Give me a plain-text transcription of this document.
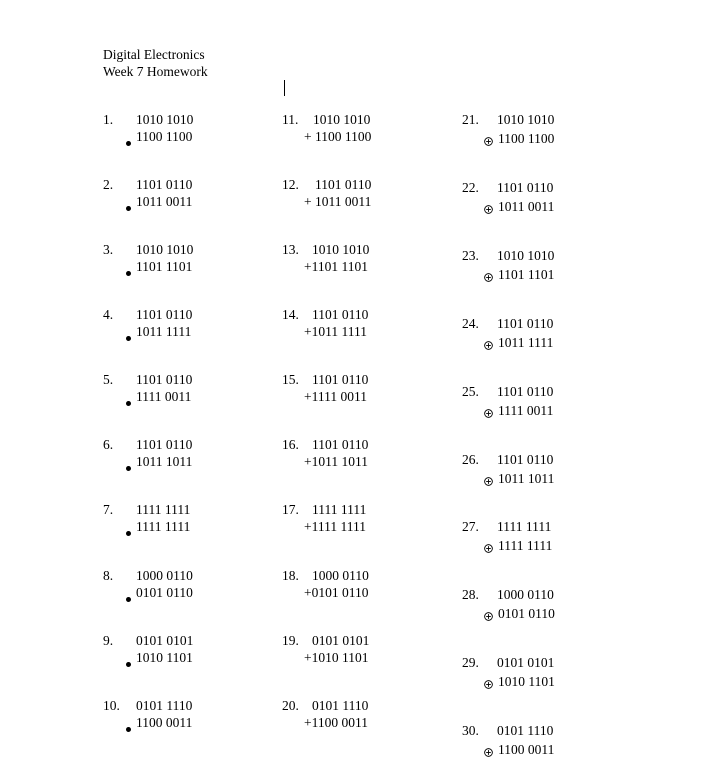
Digital Electronics
Week 7 Homework
1. 1010 1010
1100 1100
2. 1101 0110
1011 0011
3. 1010 1010
1101 1101
4. 1101 0110
1011 1111
5. 1101 0110
1111 0011
6. 1101 0110
1011 1011
7. 1111 1111
1111 1111
8. 1000 0110
0101 0110
9. 0101 0101
1010 1101
10. 0101 1110
1100 0011
11. 1010 1010
+ 1100 1100
12. 1101 0110
+ 1011 0011
13. 1010 1010
+1101 1101
14. 1101 0110
+1011 1111
15. 1101 0110
+1111 0011
16. 1101 0110
+1011 1011
17. 1111 1111
+1111 1111
18. 1000 0110
+0101 0110
19. 0101 0101
+1010 1101
20. 0101 1110
+1100 0011
21. 1010 1010
1100 1100
22. 1101 0110
1011 0011
23. 1010 1010
1101 1101
24. 1101 0110
1011 1111
25. 1101 0110
1111 0011
26. 1101 0110
1011 1011
27. 1111 1111
1111 1111
28. 1000 0110
0101 0110
29. 0101 0101
1010 1101
30. 0101 1110
1100 0011
